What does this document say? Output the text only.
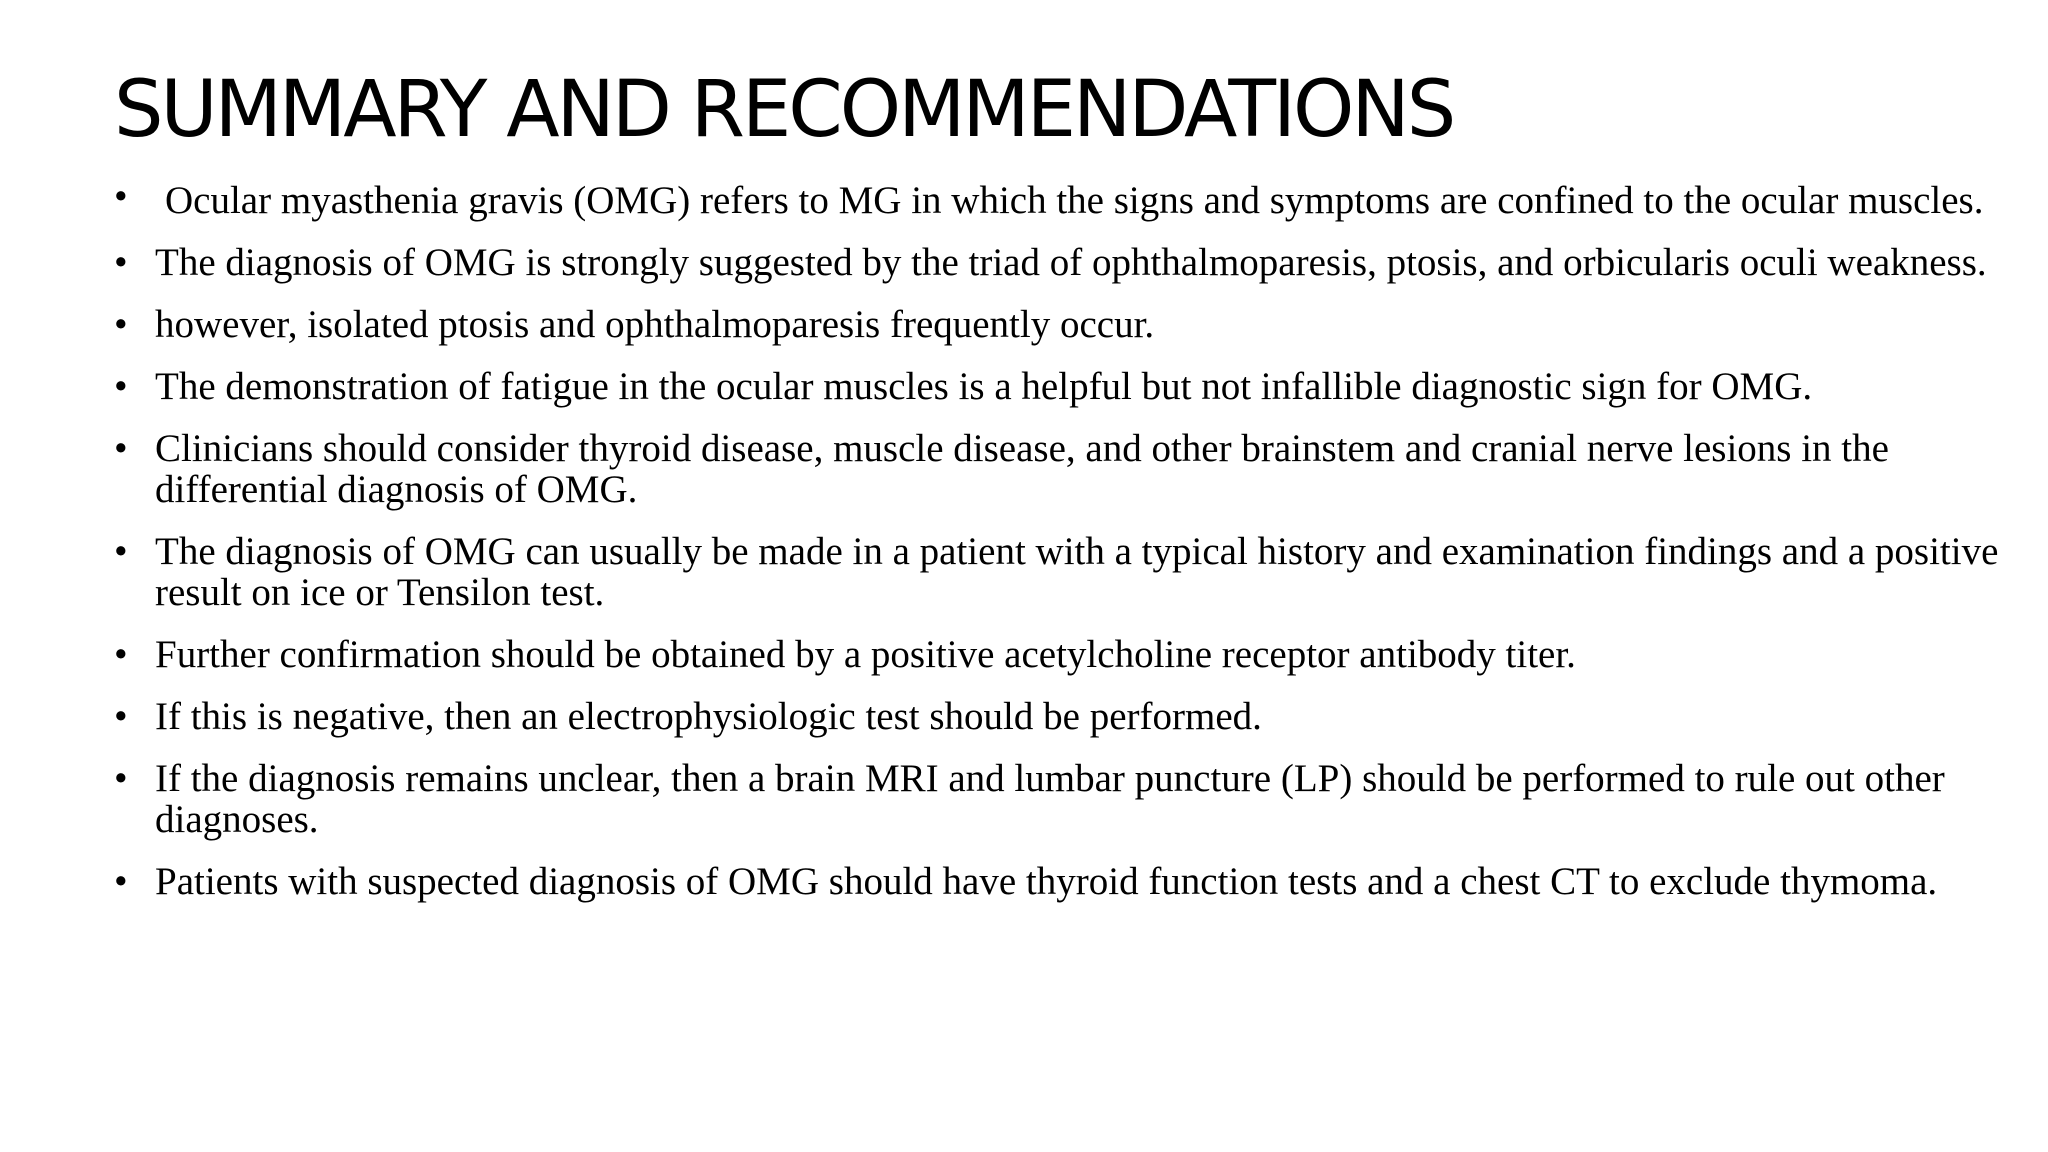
SUMMARY AND RECOMMENDATIONS
• Ocular myasthenia gravis (OMG) refers to MG in which the signs and symptoms are confined to the ocular muscles.
• The diagnosis of OMG is strongly suggested by the triad of ophthalmoparesis, ptosis, and orbicularis oculi weakness.
• however, isolated ptosis and ophthalmoparesis frequently occur.
• The demonstration of fatigue in the ocular muscles is a helpful but not infallible diagnostic sign for OMG.
• Clinicians should consider thyroid disease, muscle disease, and other brainstem and cranial nerve lesions in the differential diagnosis of OMG.
• The diagnosis of OMG can usually be made in a patient with a typical history and examination findings and a positive result on ice or Tensilon test.
• Further confirmation should be obtained by a positive acetylcholine receptor antibody titer.
• If this is negative, then an electrophysiologic test should be performed.
• If the diagnosis remains unclear, then a brain MRI and lumbar puncture (LP) should be performed to rule out other diagnoses.
• Patients with suspected diagnosis of OMG should have thyroid function tests and a chest CT to exclude thymoma.
